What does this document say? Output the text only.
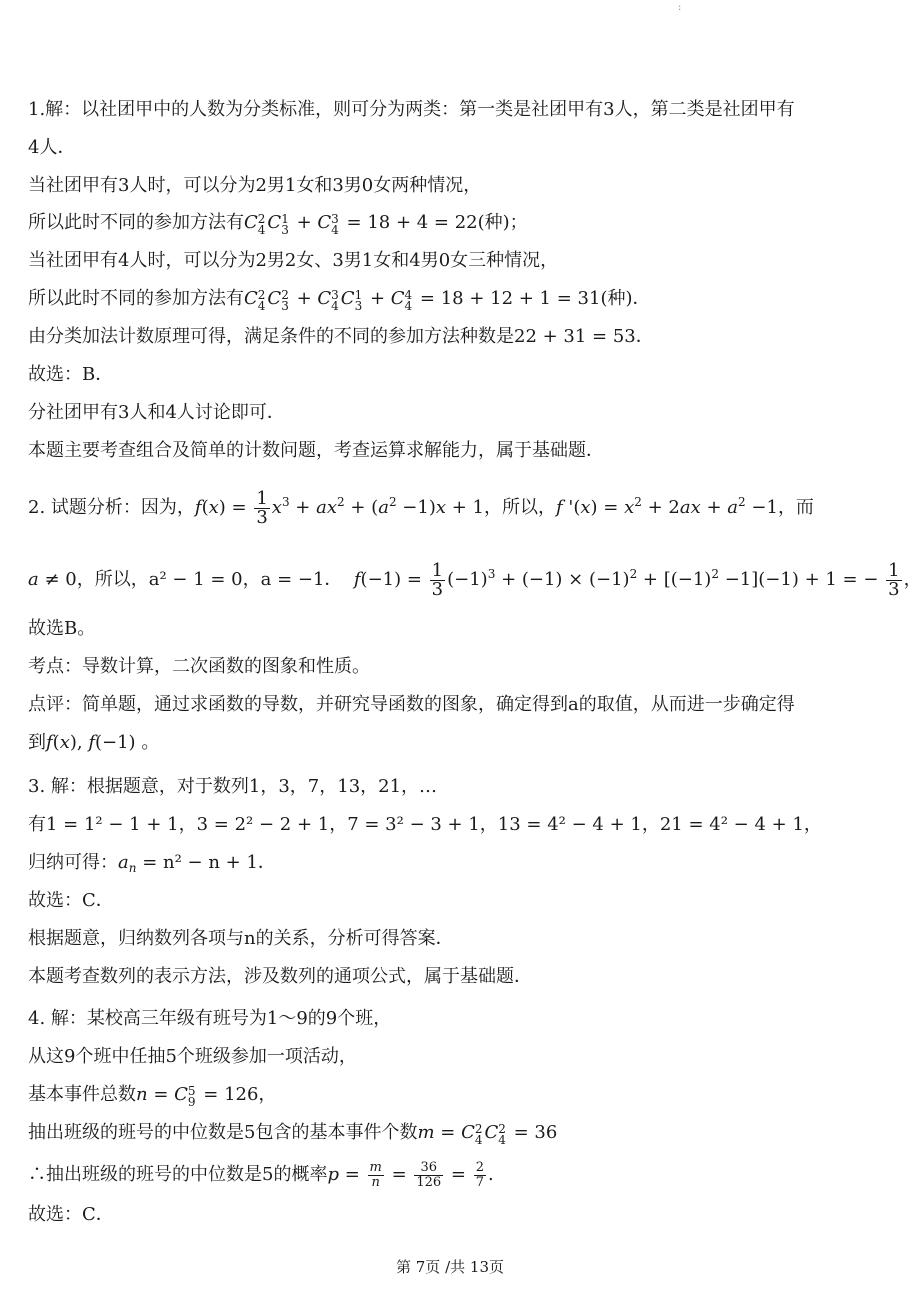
:
1.解：以社团甲中的人数为分类标准，则可分为两类：第一类是社团甲有3人，第二类是社团甲有
4人．
当社团甲有3人时，可以分为2男1女和3男0女两种情况，
所以此时不同的参加方法有C 2
4 C 1
3 + C 3
4 = 18 + 4 = 22(种)；
当社团甲有4人时，可以分为2男2女、3男1女和4男0女三种情况，
所以此时不同的参加方法有C 2
4 C 2
3 + C 3
4 C 1
3 + C 4
4 = 18 + 12 + 1 = 31(种)．
由分类加法计数原理可得，满足条件的不同的参加方法种数是22 + 31 = 53．
故选：B．
分社团甲有3人和4人讨论即可．
本题主要考查组合及简单的计数问题，考查运算求解能力，属于基础题．
2. 试题分析：因为，$f(x) = \frac{1}{3} x^3 + ax^2 + (a^2 -1)x + 1$，所以，f '$(x) = x^2 + 2ax + a^2 -1$，而
a ≠ 0，所以，a² − 1 = 0，a = −1． $f(-1) = \frac{1}{3} (-1)^3 + (-1) \times (-1)^2 + [(-1)^2 -1](-1) + 1$ = − $\frac{1}{3}$ ，
故选B。
考点：导数计算，二次函数的图象和性质。
点评：简单题，通过求函数的导数，并研究导函数的图象，确定得到a的取值，从而进一步确定得
到f(x), f(−1) 。
3. 解：根据题意，对于数列1，3，7，13，21，…
有1 = 1² − 1 + 1，3 = 2² − 2 + 1，7 = 3² − 3 + 1，13 = 4² − 4 + 1，21 = 4² − 4 + 1，
归纳可得：$a_n = n^2 - n + 1$．
故选：C．
根据题意，归纳数列各项与n的关系，分析可得答案．
本题考查数列的表示方法，涉及数列的通项公式，属于基础题．
4. 解：某校高三年级有班号为1～9的9个班，
从这9个班中任抽5个班级参加一项活动，
基本事件总数n = C 5
9 = 126，
抽出班级的班号的中位数是5包含的基本事件个数m = C 2
4 C 2
4 = 36
∴抽出班级的班号的中位数是5的概率$p = \frac{m}{n} = \frac{36}{126} = \frac{2}{7}$ .
故选：C．
第 7页 /共 13页
